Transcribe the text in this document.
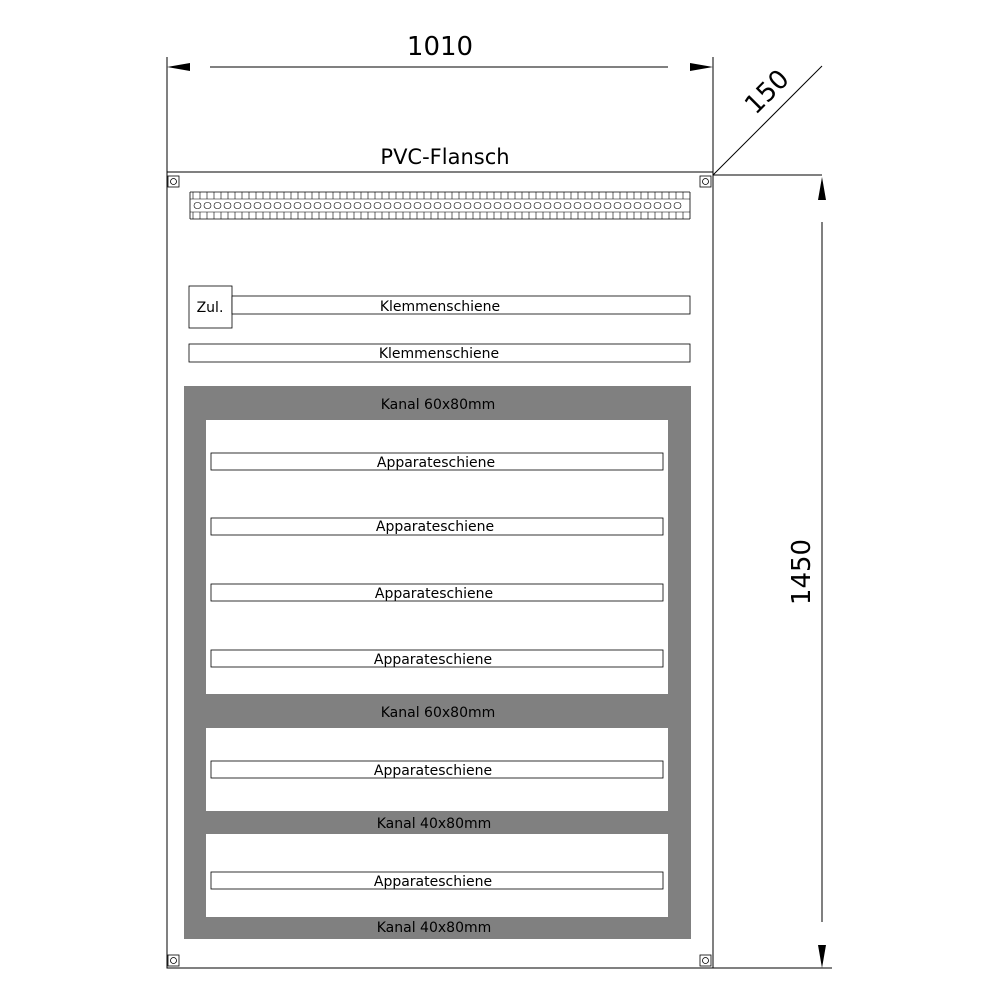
1010
150
1450
PVC-Flansch
Zul.	Klemmenschiene
Klemmenschiene
Kanal 60x80mm
Kanal 60x80mm
Kanal 40x80mm
Kanal 40x80mm
Apparateschiene
Apparateschiene
Apparateschiene
Apparateschiene
Apparateschiene
Apparateschiene
